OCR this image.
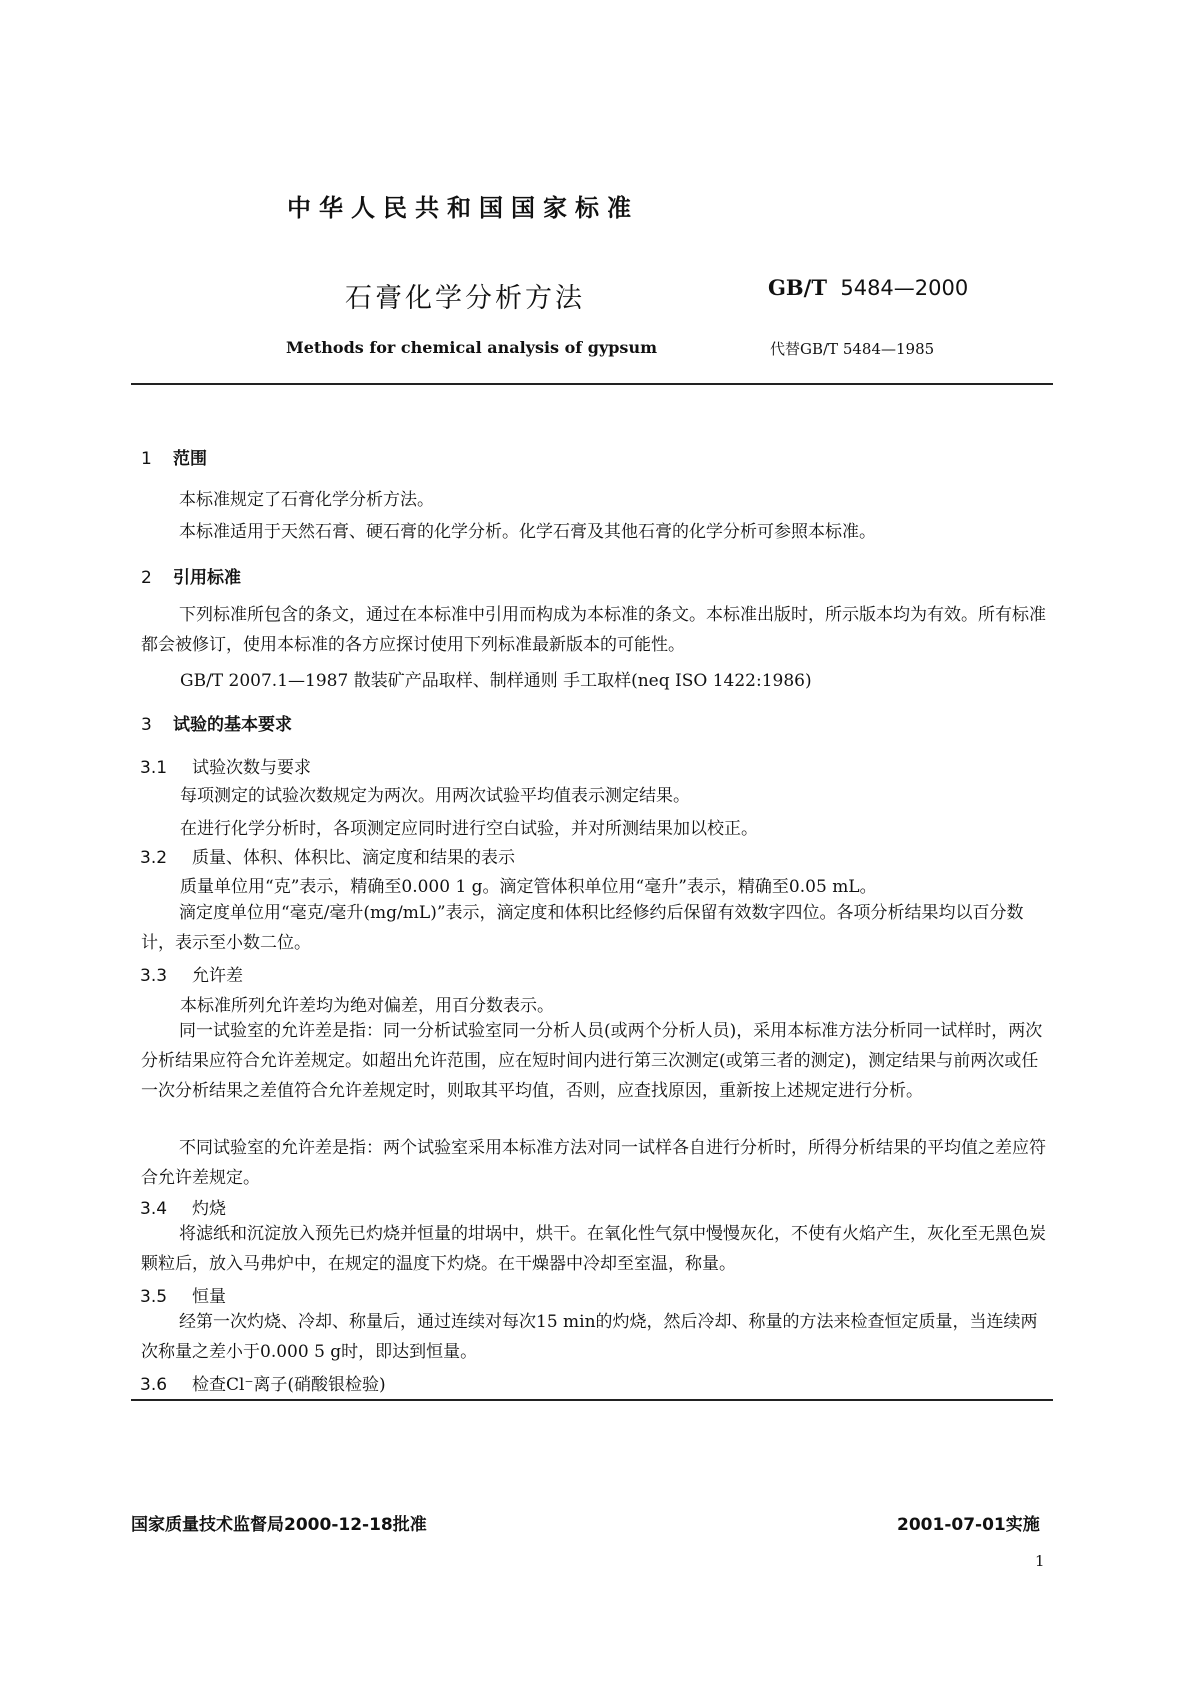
中华人民共和国国家标准
石膏化学分析方法	GB/T 5484—2000
Methods for chemical analysis of gypsum	代替GB/T 5484—1985
1 范围
本标准规定了石膏化学分析方法。
本标准适用于天然石膏、硬石膏的化学分析。化学石膏及其他石膏的化学分析可参照本标准。
2 引用标准
下列标准所包含的条文，通过在本标准中引用而构成为本标准的条文。本标准出版时，所示版本均为有效。所有标准都会被修订，使用本标准的各方应探讨使用下列标准最新版本的可能性。
GB/T 2007.1—1987 散装矿产品取样、制样通则 手工取样(neq ISO 1422:1986)
3 试验的基本要求
3.1 试验次数与要求
每项测定的试验次数规定为两次。用两次试验平均值表示测定结果。
在进行化学分析时，各项测定应同时进行空白试验，并对所测结果加以校正。
3.2 质量、体积、体积比、滴定度和结果的表示
质量单位用“克”表示，精确至0.000 1 g。滴定管体积单位用“毫升”表示，精确至0.05 mL。
滴定度单位用“毫克/毫升(mg/mL)”表示，滴定度和体积比经修约后保留有效数字四位。各项分析结果均以百分数计，表示至小数二位。
3.3 允许差
本标准所列允许差均为绝对偏差，用百分数表示。
同一试验室的允许差是指：同一分析试验室同一分析人员(或两个分析人员)，采用本标准方法分析同一试样时，两次分析结果应符合允许差规定。如超出允许范围，应在短时间内进行第三次测定(或第三者的测定)，测定结果与前两次或任一次分析结果之差值符合允许差规定时，则取其平均值，否则，应查找原因，重新按上述规定进行分析。
不同试验室的允许差是指：两个试验室采用本标准方法对同一试样各自进行分析时，所得分析结果的平均值之差应符合允许差规定。
3.4 灼烧
将滤纸和沉淀放入预先已灼烧并恒量的坩埚中，烘干。在氧化性气氛中慢慢灰化，不使有火焰产生，灰化至无黑色炭颗粒后，放入马弗炉中，在规定的温度下灼烧。在干燥器中冷却至室温，称量。
3.5 恒量
经第一次灼烧、冷却、称量后，通过连续对每次15 min的灼烧，然后冷却、称量的方法来检查恒定质量，当连续两次称量之差小于0.000 5 g时，即达到恒量。
3.6 检查Cl⁻离子(硝酸银检验)
国家质量技术监督局2000-12-18批准	2001-07-01实施
1
